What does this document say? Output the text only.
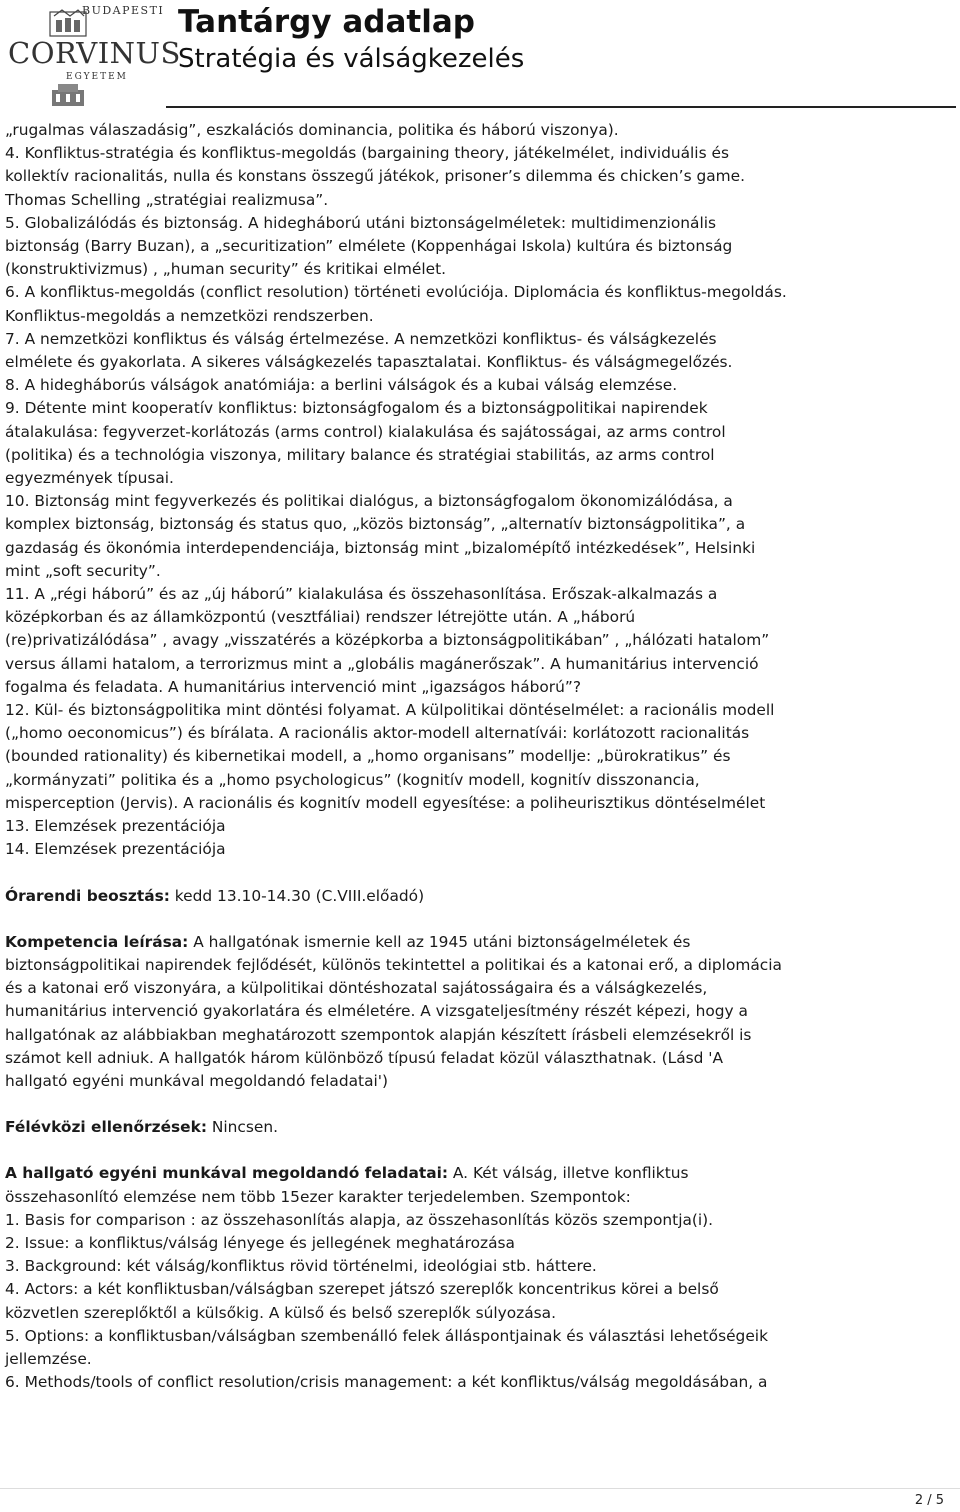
BUDAPESTI
CORVINUS
EGYETEM
Tantárgy adatlap
Stratégia és válságkezelés

„rugalmas válaszadásig”, eszkalációs dominancia, politika és háború viszonya).

4. Konfliktus-stratégia és konfliktus-megoldás (bargaining theory, játékelmélet, individuális és

kollektív racionalitás, nulla és konstans összegű játékok, prisoner’s dilemma és chicken’s game.

Thomas Schelling „stratégiai realizmusa”.

5. Globalizálódás és biztonság. A hidegháború utáni biztonságelméletek: multidimenzionális

biztonság (Barry Buzan), a „securitization” elmélete (Koppenhágai Iskola) kultúra és biztonság

(konstruktivizmus) , „human security” és kritikai elmélet.

6. A konfliktus-megoldás (conflict resolution) történeti evolúciója. Diplomácia és konfliktus-megoldás.

Konfliktus-megoldás a nemzetközi rendszerben.

7. A nemzetközi konfliktus és válság értelmezése. A nemzetközi konfliktus- és válságkezelés

elmélete és gyakorlata. A sikeres válságkezelés tapasztalatai. Konfliktus- és válságmegelőzés.

8. A hidegháborús válságok anatómiája: a berlini válságok és a kubai válság elemzése.

9. Détente mint kooperatív konfliktus: biztonságfogalom és a biztonságpolitikai napirendek

átalakulása: fegyverzet-korlátozás (arms control) kialakulása és sajátosságai, az arms control

(politika) és a technológia viszonya, military balance és stratégiai stabilitás, az arms control

egyezmények típusai.

10. Biztonság mint fegyverkezés és politikai dialógus, a biztonságfogalom ökonomizálódása, a

komplex biztonság, biztonság és status quo, „közös biztonság”, „alternatív biztonságpolitika”, a

gazdaság és ökonómia interdependenciája, biztonság mint „bizalomépítő intézkedések”, Helsinki

mint „soft security”.

11. A „régi háború” és az „új háború” kialakulása és összehasonlítása. Erőszak-alkalmazás a

középkorban és az államközpontú (vesztfáliai) rendszer létrejötte után. A „háború

(re)privatizálódása” , avagy „visszatérés a középkorba a biztonságpolitikában” , „hálózati hatalom”

versus állami hatalom, a terrorizmus mint a „globális magánerőszak”. A humanitárius intervenció

fogalma és feladata. A humanitárius intervenció mint „igazságos háború”?

12. Kül- és biztonságpolitika mint döntési folyamat. A külpolitikai döntéselmélet: a racionális modell

(„homo oeconomicus”) és bírálata. A racionális aktor-modell alternatívái: korlátozott racionalitás

(bounded rationality) és kibernetikai modell, a „homo organisans” modellje: „bürokratikus” és

„kormányzati” politika és a „homo psychologicus” (kognitív modell, kognitív disszonancia,

misperception (Jervis). A racionális és kognitív modell egyesítése: a poliheurisztikus döntéselmélet

13. Elemzések prezentációja

14. Elemzések prezentációja

Órarendi beosztás: kedd 13.10-14.30 (C.VIII.előadó)

Kompetencia leírása: A hallgatónak ismernie kell az 1945 utáni biztonságelméletek és

biztonságpolitikai napirendek fejlődését, különös tekintettel a politikai és a katonai erő, a diplomácia

és a katonai erő viszonyára, a külpolitikai döntéshozatal sajátosságaira és a válságkezelés,

humanitárius intervenció gyakorlatára és elméletére. A vizsgateljesítmény részét képezi, hogy a

hallgatónak az alábbiakban meghatározott szempontok alapján készített írásbeli elemzésekről is

számot kell adniuk. A hallgatók három különböző típusú feladat közül választhatnak. (Lásd 'A

hallgató egyéni munkával megoldandó feladatai')

Félévközi ellenőrzések: Nincsen.

A hallgató egyéni munkával megoldandó feladatai: A. Két válság, illetve konfliktus

összehasonlító elemzése nem több 15ezer karakter terjedelemben. Szempontok:

1. Basis for comparison : az összehasonlítás alapja, az összehasonlítás közös szempontja(i).

2. Issue: a konfliktus/válság lényege és jellegének meghatározása

3. Background: két válság/konfliktus rövid történelmi, ideológiai stb. háttere.

4. Actors: a két konfliktusban/válságban szerepet játszó szereplők koncentrikus körei a belső

közvetlen szereplőktől a külsőkig. A külső és belső szereplők súlyozása.

5. Options: a konfliktusban/válságban szembenálló felek álláspontjainak és választási lehetőségeik

jellemzése.

6. Methods/tools of conflict resolution/crisis management: a két konfliktus/válság megoldásában, a

2 / 5
